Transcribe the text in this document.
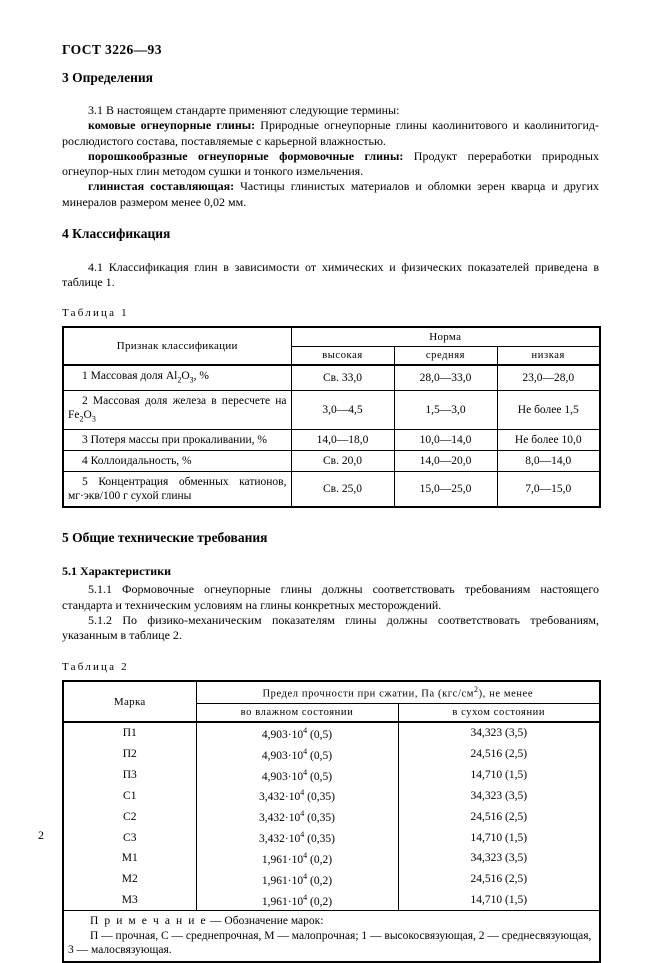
ГОСТ 3226—93
3 Определения

3.1 В настоящем стандарте применяют следующие термины:

комовые огнеупорные глины: Природные огнеупорные глины каолинитового и каолинитогид-рослюдистого состава, поставляемые с карьерной влажностью.

порошкообразные огнеупорные формовочные глины: Продукт переработки природных огнеупор-ных глин методом сушки и тонкого измельчения.

глинистая составляющая: Частицы глинистых материалов и обломки зерен кварца и других минералов размером менее 0,02 мм.

4 Классификация

4.1 Классификация глин в зависимости от химических и физических показателей приведена в таблице 1.

Таблица 1

Признак классификации	Норма		
	высокая	средняя	низкая
1 Массовая доля $Al_2O_3$, %	Св. 33,0	28,0—33,0	23,0—28,0
2 Массовая доля железа в пересчете на $Fe_2O_3$	3,0—4,5	1,5—3,0	Не более 1,5
3 Потеря массы при прокаливании, %	14,0—18,0	10,0—14,0	Не более 10,0
4 Коллоидальность, %	Св. 20,0	14,0—20,0	8,0—14,0
5 Концентрация обменных катионов, мг·экв/100 г сухой глины	Св. 25,0	15,0—25,0	7,0—15,0
5 Общие технические требования

5.1 Характеристики

5.1.1 Формовочные огнеупорные глины должны соответствовать требованиям настоящего стандарта и техническим условиям на глины конкретных месторождений.

5.1.2 По физико-механическим показателям глины должны соответствовать требованиям, указанным в таблице 2.

Таблица 2

Марка	Предел прочности при сжатии, Па $(кгс/см^2)$, не менее	
	во влажном состоянии	в сухом состоянии
П1	$4,903\cdot 10^4$ (0,5)	34,323 (3,5)
П2	$4,903\cdot 10^4$ (0,5)	24,516 (2,5)
П3	$4,903\cdot 10^4$ (0,5)	14,710 (1,5)
С1	$3,432\cdot 10^4$ (0,35)	34,323 (3,5)
С2	$3,432\cdot 10^4$ (0,35)	24,516 (2,5)
С3	$3,432\cdot 10^4$ (0,35)	14,710 (1,5)
М1	$1,961\cdot 10^4$ (0,2)	34,323 (3,5)
М2	$1,961\cdot 10^4$ (0,2)	24,516 (2,5)
М3	$1,961\cdot 10^4$ (0,2)	14,710 (1,5)

П р и м е ч а н и е — Обозначение марок:
П — прочная, С — среднепрочная, М — малопрочная; 1 — высокосвязующая, 2 — среднесвязующая,
3 — малосвязующая.		
2
